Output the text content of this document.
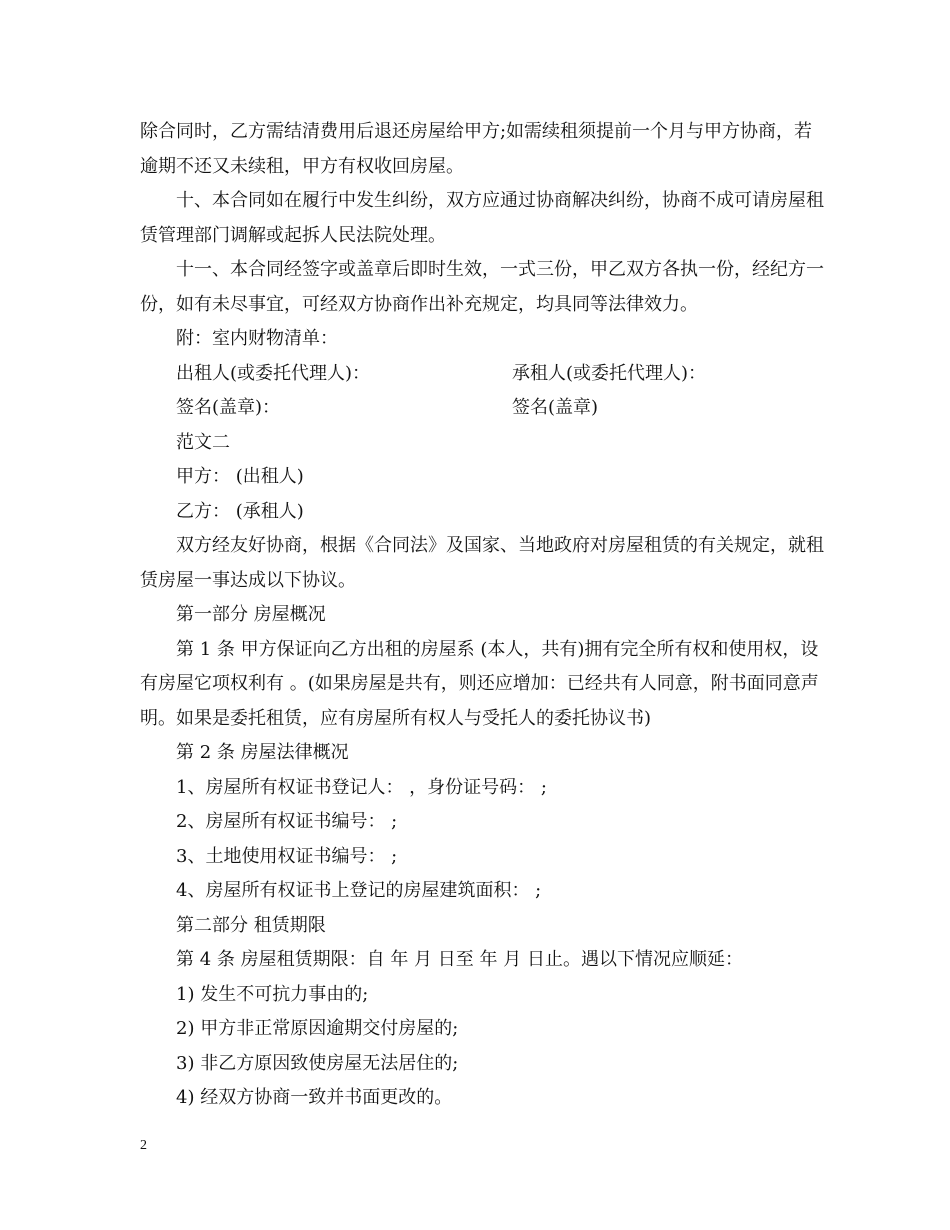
除合同时，乙方需结清费用后退还房屋给甲方;如需续租须提前一个月与甲方协商，若逾期不还又未续租，甲方有权收回房屋。

十、本合同如在履行中发生纠纷，双方应通过协商解决纠纷，协商不成可请房屋租赁管理部门调解或起拆人民法院处理。

十一、本合同经签字或盖章后即时生效，一式三份，甲乙双方各执一份，经纪方一份，如有未尽事宜，可经双方协商作出补充规定，均具同等法律效力。

附：室内财物清单：

出租人(或委托代理人)：	承租人(或委托代理人)：
签名(盖章)：	签名(盖章)

范文二

甲方： (出租人)

乙方： (承租人)

双方经友好协商，根据《合同法》及国家、当地政府对房屋租赁的有关规定，就租赁房屋一事达成以下协议。

第一部分 房屋概况

第 1 条 甲方保证向乙方出租的房屋系 (本人，共有)拥有完全所有权和使用权，设有房屋它项权利有 。(如果房屋是共有，则还应增加：已经共有人同意，附书面同意声明。如果是委托租赁，应有房屋所有权人与受托人的委托协议书)

第 2 条 房屋法律概况

1、房屋所有权证书登记人： ，身份证号码： ;

2、房屋所有权证书编号： ;

3、土地使用权证书编号： ;

4、房屋所有权证书上登记的房屋建筑面积： ;

第二部分 租赁期限

第 4 条 房屋租赁期限：自 年 月 日至 年 月 日止。遇以下情况应顺延：

1) 发生不可抗力事由的;

2) 甲方非正常原因逾期交付房屋的;

3) 非乙方原因致使房屋无法居住的;

4) 经双方协商一致并书面更改的。

2
